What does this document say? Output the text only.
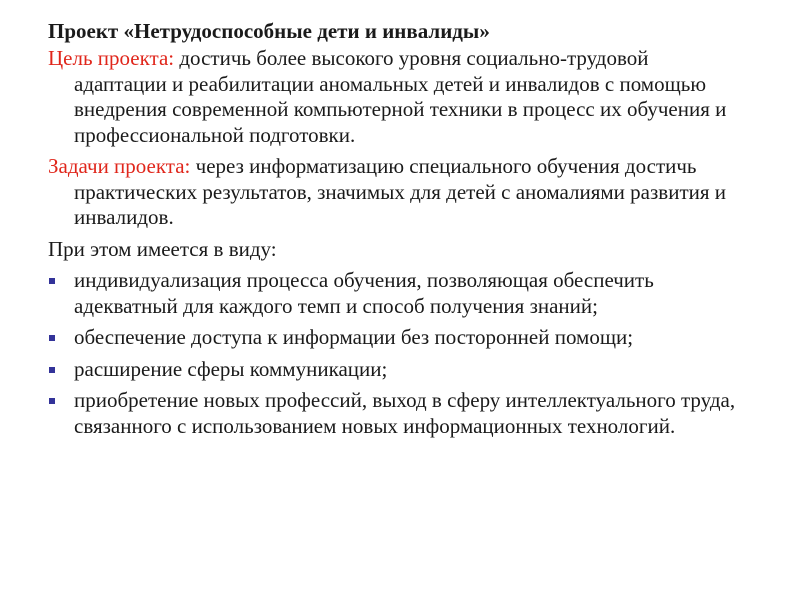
Проект «Нетрудоспособные дети и инвалиды»
Цель проекта: достичь более высокого уровня социально-трудовой адаптации и реабилитации аномальных детей и инвалидов с помощью внедрения современной компьютерной техники в процесс их обучения и профессиональной подготовки.
Задачи проекта: через информатизацию специального обучения достичь практических результатов, значимых для детей с аномалиями развития и инвалидов.
При этом имеется в виду:
индивидуализация процесса обучения, позволяющая обеспечить адекватный для каждого темп и способ получения знаний;
обеспечение доступа к информации без посторонней помощи;
расширение сферы коммуникации;
приобретение новых профессий, выход в сферу интеллектуального труда, связанного с использованием новых информационных технологий.
